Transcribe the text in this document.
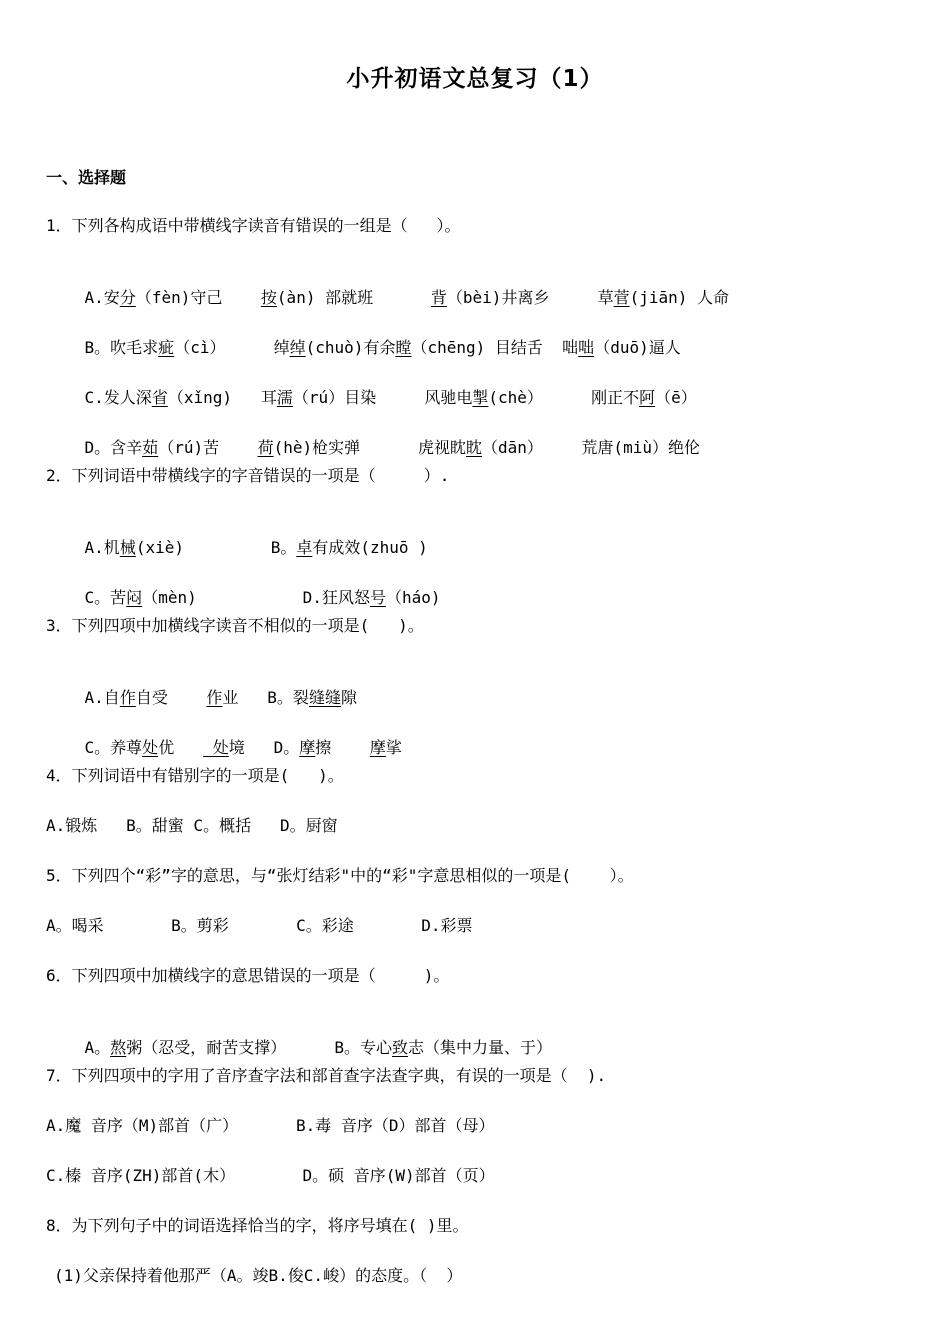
小升初语文总复习（1）
一、选择题
1．下列各构成语中带横线字读音有错误的一组是（   ）。

A.安分（fèn)守己    按(àn) 部就班      背（bèi)井离乡     草菅(jiān) 人命

B。吹毛求疵（cì）     绰绰(chuò)有余瞠（chēng) 目结舌  咄咄（duō)逼人

C.发人深省（xǐng)   耳濡（rú）目染     风驰电掣(chè）     刚正不阿（ē）

D。含辛茹（rú)苦    荷(hè)枪实弹      虎视眈眈（dān）    荒唐(miù）绝伦

2．下列词语中带横线字的字音错误的一项是（     ）.

A.机械(xiè)         B。卓有成效(zhuō )

C。苦闷（mèn)           D.狂风怒号（háo)

3．下列四项中加横线字读音不相似的一项是(   )。

A.自作自受    作业   B。裂缝缝隙

C。养尊处优    处境   D。摩擦    摩挲

4．下列词语中有错别字的一项是(   )。
A.锻炼   B。甜蜜 C。概括   D。厨窗
5．下列四个“彩”字的意思，与“张灯结彩"中的“彩"字意思相似的一项是(    ）。
A。喝采       B。剪彩       C。彩途       D.彩票
6．下列四项中加横线字的意思错误的一项是（     )。

A。熬粥（忍受，耐苦支撑）     B。专心致志（集中力量、于）

7．下列四项中的字用了音序查字法和部首查字法查字典，有误的一项是（  ).
A.魔 音序（M)部首（广）      B.毒 音序（D）部首（母）
C.榛 音序(ZH)部首(木）       D。硕 音序(W)部首（页）
8．为下列句子中的词语选择恰当的字，将序号填在( )里。
(1)父亲保持着他那严（A。竣B.俊C.峻）的态度。（  ）
